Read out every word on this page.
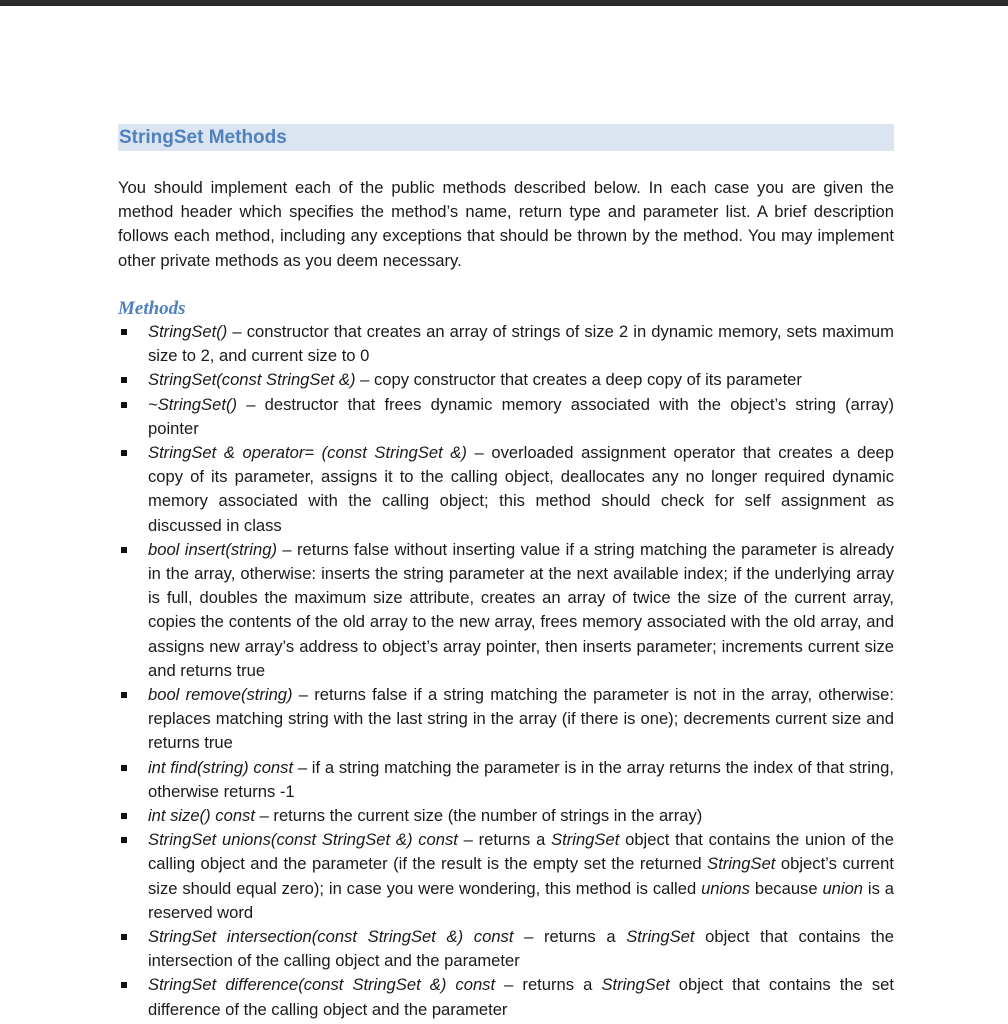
StringSet Methods

You should implement each of the public methods described below. In each case you are given the method header which specifies the method’s name, return type and parameter list. A brief description follows each method, including any exceptions that should be thrown by the method. You may implement other private methods as you deem necessary.

Methods
StringSet() – constructor that creates an array of strings of size 2 in dynamic memory, sets maximum size to 2, and current size to 0
StringSet(const StringSet &) – copy constructor that creates a deep copy of its parameter
~StringSet() – destructor that frees dynamic memory associated with the object’s string (array) pointer
StringSet & operator= (const StringSet &) – overloaded assignment operator that creates a deep copy of its parameter, assigns it to the calling object, deallocates any no longer required dynamic memory associated with the calling object; this method should check for self assignment as discussed in class
bool insert(string) – returns false without inserting value if a string matching the parameter is already in the array, otherwise: inserts the string parameter at the next available index; if the underlying array is full, doubles the maximum size attribute, creates an array of twice the size of the current array, copies the contents of the old array to the new array, frees memory associated with the old array, and assigns new array’s address to object’s array pointer, then inserts parameter; increments current size and returns true
bool remove(string) – returns false if a string matching the parameter is not in the array, otherwise: replaces matching string with the last string in the array (if there is one); decrements current size and returns true
int find(string) const – if a string matching the parameter is in the array returns the index of that string, otherwise returns -1
int size() const – returns the current size (the number of strings in the array)
StringSet unions(const StringSet &) const – returns a StringSet object that contains the union of the calling object and the parameter (if the result is the empty set the returned StringSet object’s current size should equal zero); in case you were wondering, this method is called unions because union is a reserved word
StringSet intersection(const StringSet &) const – returns a StringSet object that contains the intersection of the calling object and the parameter
StringSet difference(const StringSet &) const – returns a StringSet object that contains the set difference of the calling object and the parameter
